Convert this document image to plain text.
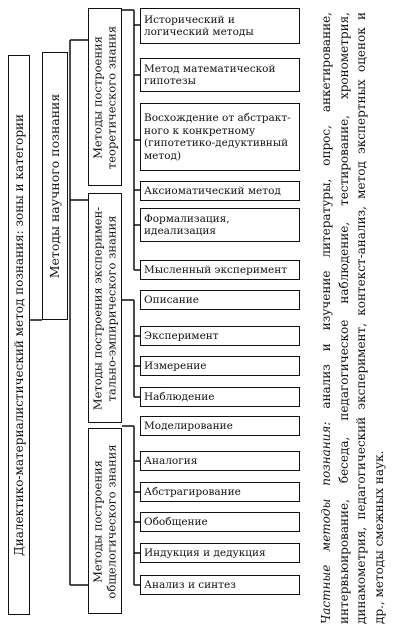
Диалектико-материалистический метод познания: зоны и категории Методы научного познания Методы построения теоретического знания
Методы построения эксперимен- тально-эмпирического знания
Методы построения общелогического знания
Исторический и логический методы
Метод математической гипотезы
Восхождение от абстракт-ного к конкретному (гипотетико-дедуктивный метод)
Аксиоматический метод
Формализация, идеализация
Мысленный эксперимент
Описание
Эксперимент
Измерение
Наблюдение
Моделирование
Аналогия
Абстрагирование
Обобщение
Индукция и дедукция
Анализ и синтез	Частные методы познания: анализ и изучение литературы, опрос, анкетирование, интервьюирование, беседа, педагогическое наблюдение, тестирование, хронометрия, динамометрия, педагогический эксперимент, контекст-анализ, метод экспертных оценок и др., методы смежных наук.
